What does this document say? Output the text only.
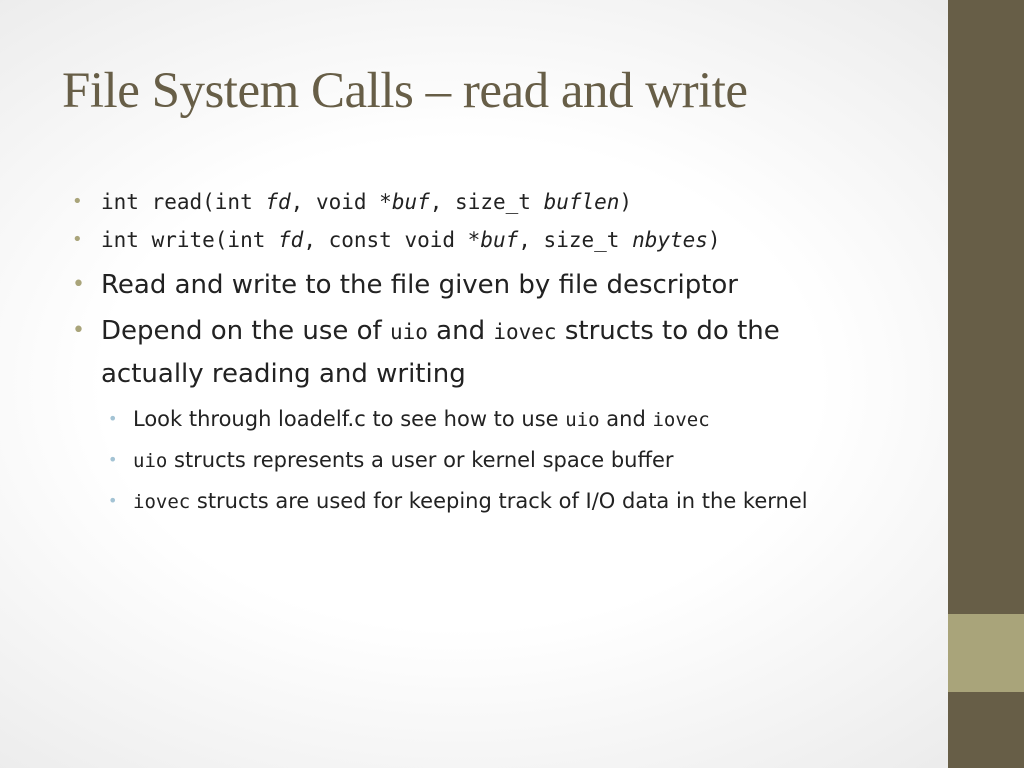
File System Calls – read and write
• int read(int fd, void *buf, size_t buflen)
• int write(int fd, const void *buf, size_t nbytes)
• Read and write to the file given by file descriptor
• Depend on the use of uio and iovec structs to do the actually reading and writing
• Look through loadelf.c to see how to use uio and iovec
• uio structs represents a user or kernel space buffer
• iovec structs are used for keeping track of I/O data in the kernel
